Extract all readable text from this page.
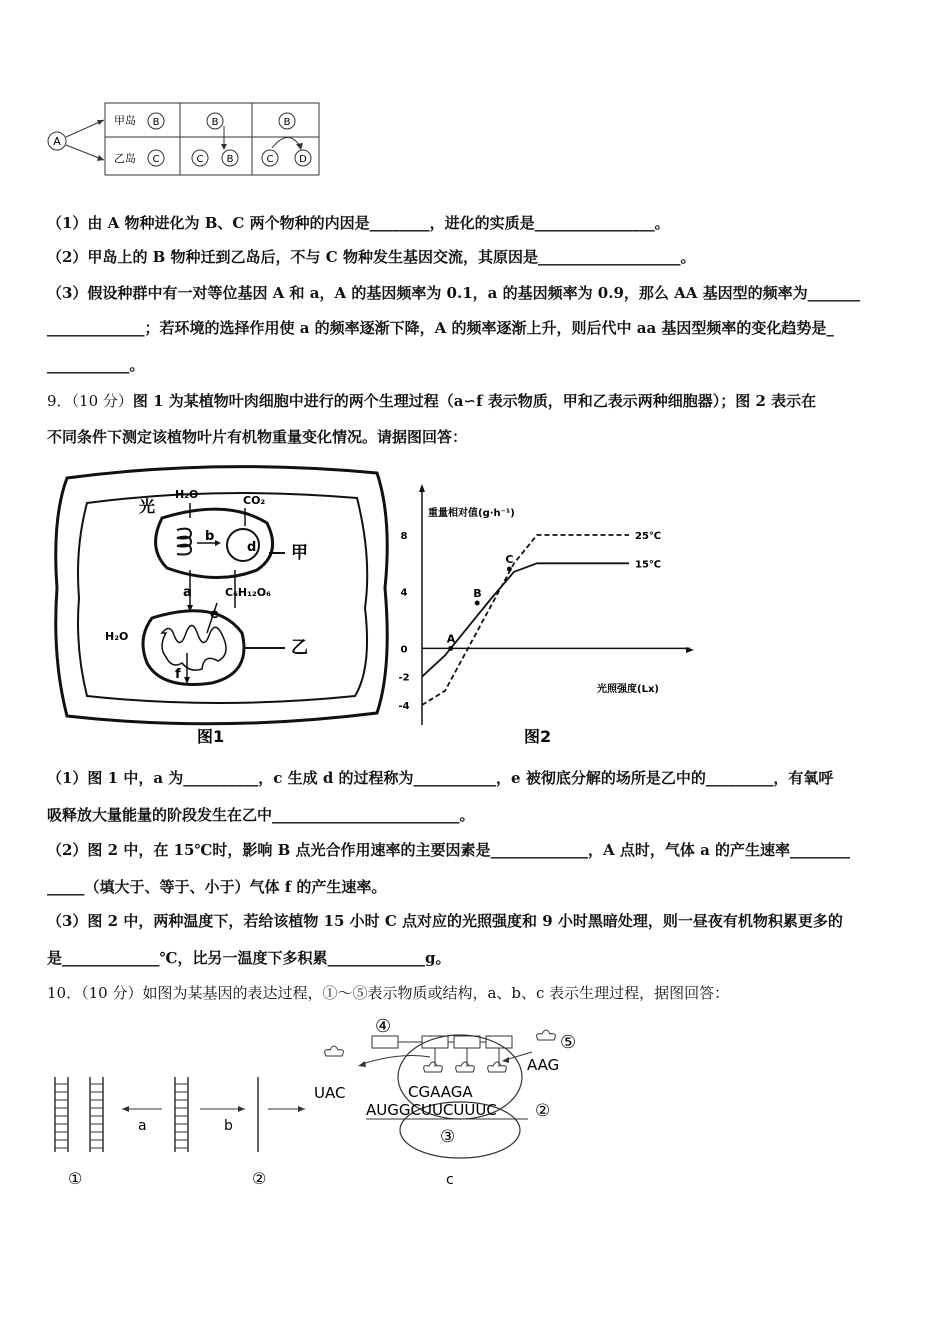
A
甲岛
乙岛
B	B	B
C	C B	C	D
（1）由 A 物种进化为 B、C 两个物种的内因是________，进化的实质是________________。
（2）甲岛上的 B 物种迁到乙岛后，不与 C 物种发生基因交流，其原因是___________________。
（3）假设种群中有一对等位基因 A 和 a，A 的基因频率为 0.1，a 的基因频率为 0.9，那么 AA 基因型的频率为_______
_____________；若环境的选择作用使 a 的频率逐渐下降，A 的频率逐渐上升，则后代中 aa 基因型频率的变化趋势是_
___________。
9．（10 分）图 1 为某植物叶肉细胞中进行的两个生理过程（a∽f 表示物质，甲和乙表示两种细胞器）；图 2 表示在
不同条件下测定该植物叶片有机物重量变化情况。请据图回答：
光
H₂O	CO₂
b
d
a	C₆H₁₂O₆
e
H₂O
f
甲
乙
图1
重量相对值(g·h⁻¹)
光照强度(Lx)
图2
8
4
0
-2
-4
25℃
15℃
A
B
C
（1）图 1 中，a 为__________，c 生成 d 的过程称为___________，e 被彻底分解的场所是乙中的_________，有氧呼
吸释放大量能量的阶段发生在乙中_________________________。
（2）图 2 中，在 15℃时，影响 B 点光合作用速率的主要因素是_____________，A 点时，气体 a 的产生速率________
_____（填大于、等于、小于）气体 f 的产生速率。
（3）图 2 中，两种温度下，若给该植物 15 小时 C 点对应的光照强度和 9 小时黑暗处理，则一昼夜有机物积累更多的
是_____________℃，比另一温度下多积累_____________g。
10．（10 分）如图为某基因的表达过程，①～⑤表示物质或结构，a、b、c 表示生理过程，据图回答：
a	b
①	②
④
⑤
AAG
UAC	CGAAGA
AUGGCUUCUUUC ②
③
c
